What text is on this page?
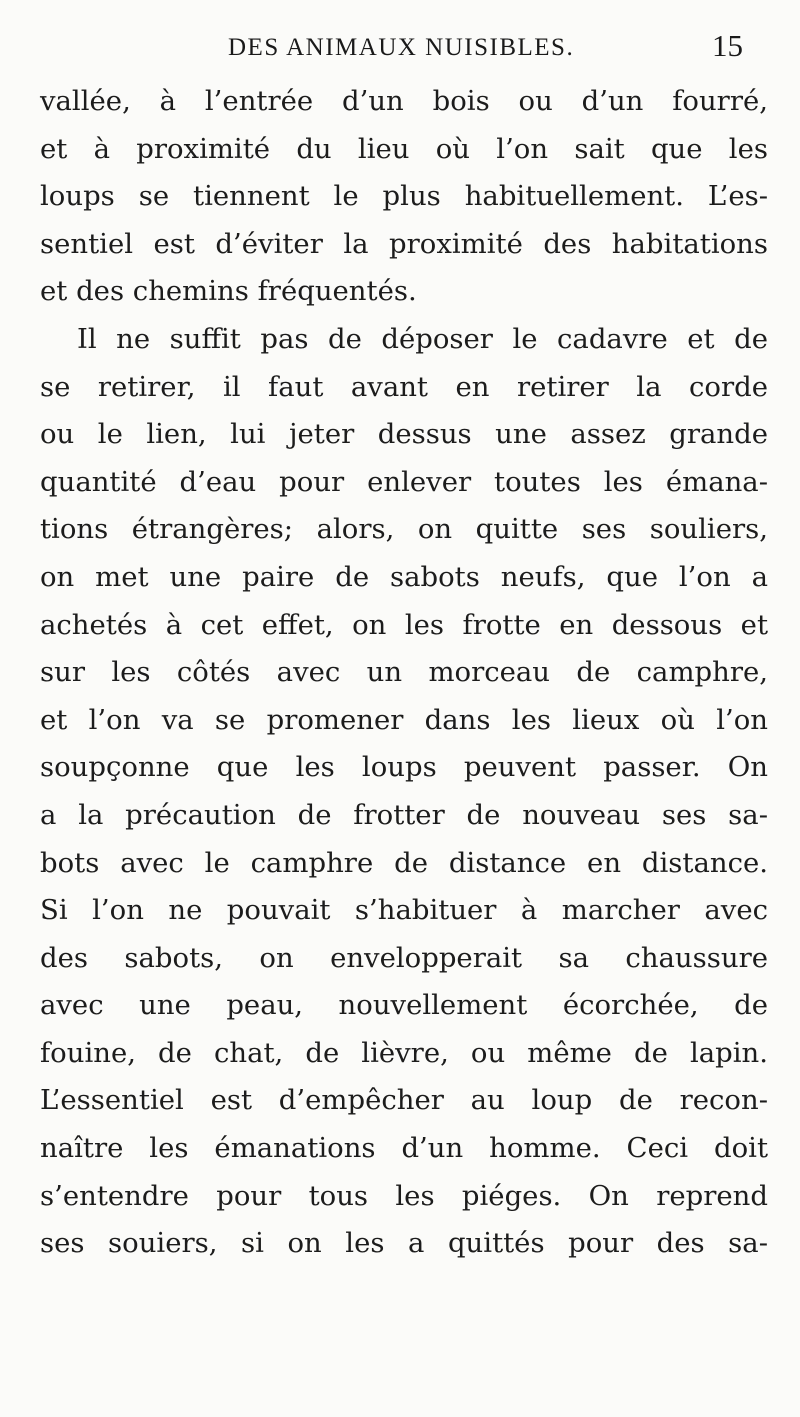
DES ANIMAUX NUISIBLES.	15
vallée, à l’entrée d’un bois ou d’un fourré,
et à proximité du lieu où l’on sait que les
loups se tiennent le plus habituellement. L’es-
sentiel est d’éviter la proximité des habitations
et des chemins fréquentés.
Il ne suffit pas de déposer le cadavre et de
se retirer, il faut avant en retirer la corde
ou le lien, lui jeter dessus une assez grande
quantité d’eau pour enlever toutes les émana-
tions étrangères; alors, on quitte ses souliers,
on met une paire de sabots neufs, que l’on a
achetés à cet effet, on les frotte en dessous et
sur les côtés avec un morceau de camphre,
et l’on va se promener dans les lieux où l’on
soupçonne que les loups peuvent passer. On
a la précaution de frotter de nouveau ses sa-
bots avec le camphre de distance en distance.
Si l’on ne pouvait s’habituer à marcher avec
des sabots, on envelopperait sa chaussure
avec une peau, nouvellement écorchée, de
fouine, de chat, de lièvre, ou même de lapin.
L’essentiel est d’empêcher au loup de recon-
naître les émanations d’un homme. Ceci doit
s’entendre pour tous les piéges. On reprend
ses souiers, si on les a quittés pour des sa-
